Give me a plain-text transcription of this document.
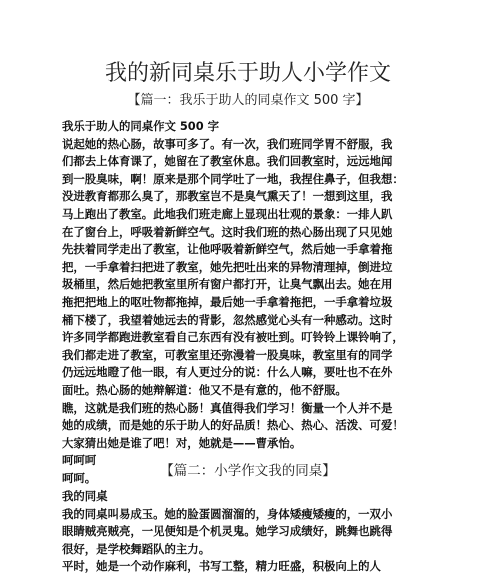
我的新同桌乐于助人小学作文
【篇一：我乐于助人的同桌作文 500 字】
我乐于助人的同桌作文 500 字
说起她的热心肠，故事可多了。有一次，我们班同学胃不舒服，我
们都去上体育课了，她留在了教室休息。我们回教室时，远远地闻
到一股臭味，啊！原来是那个同学吐了一地，我捏住鼻子，但我想：
没进教育都那么臭了，那教室岂不是臭气熏天了！一想到这里，我
马上跑出了教室。此地我们班走廊上显现出壮观的景象：一排人趴
在了窗台上，呼吸着新鲜空气。这时我们班的热心肠出现了只见她
先扶着同学走出了教室，让他呼吸着新鲜空气，然后她一手拿着拖
把，一手拿着扫把进了教室，她先把吐出来的异物清理掉，倒进垃
圾桶里，然后她把教室里所有窗户都打开，让臭气飘出去。她在用
拖把把地上的呕吐物都拖掉，最后她一手拿着拖把，一手拿着垃圾
桶下楼了，我望着她远去的背影，忽然感觉心头有一种感动。这时
许多同学都跑进教室看自己东西有没有被吐到。叮铃铃上课铃响了，
我们都走进了教室，可教室里还弥漫着一股臭味，教室里有的同学
仍远远地瞪了他一眼，有人更过分的说：什么人嘛，要吐也不在外
面吐。热心肠的她辩解道：他又不是有意的，他不舒服。
瞧，这就是我们班的热心肠！真值得我们学习！衡量一个人并不是
她的成绩，而是她的乐于助人的好品质！热心、热心、活泼、可爱！
大家猜出她是谁了吧！对，她就是——曹承怡。
呵呵呵
呵呵。	【篇二：小学作文我的同桌】
我的同桌
我的同桌叫易成玉。她的脸蛋圆溜溜的，身体矮瘦矮瘦的，一双小
眼睛贼亮贼亮，一见便知是个机灵鬼。她学习成绩好，跳舞也跳得
很好，是学校舞蹈队的主力。
平时，她是一个动作麻利，书写工整，精力旺盛，积极向上的人
